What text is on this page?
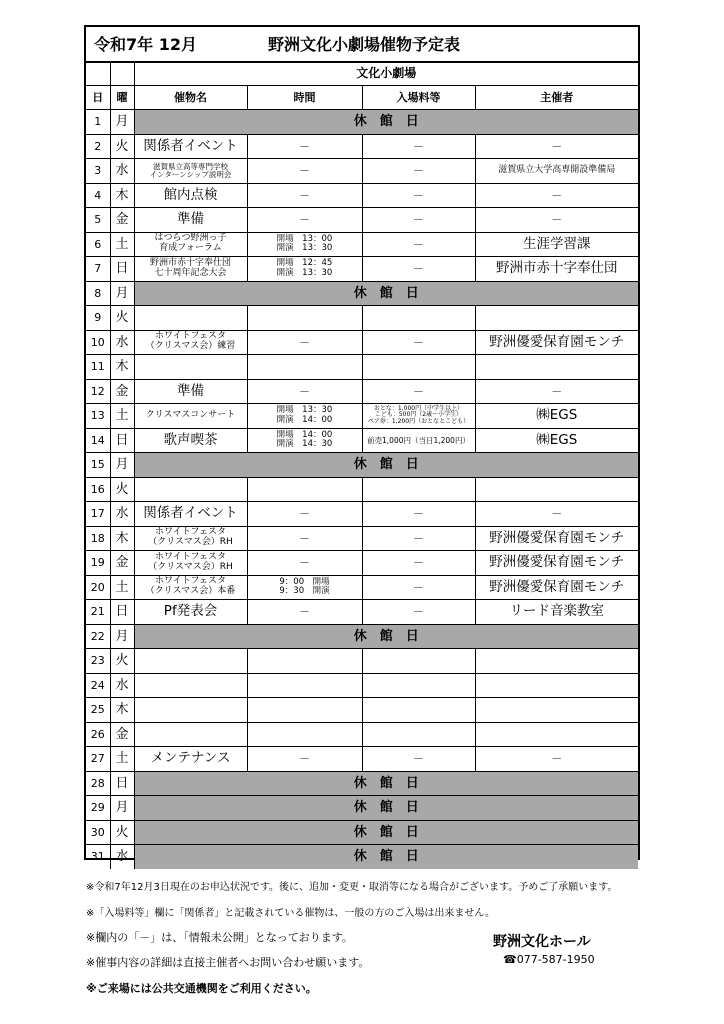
令和7年 12月	野洲文化小劇場催物予定表
		文化小劇場			
日	曜	催物名	時間	入場料等	主催者
1	月	休　館　日			
2	火	関係者イベント	－	－	－

3	水	滋賀県立高等専門学校
インターンシップ説明会	－	－	滋賀県立大学高専開設準備局

4	木	館内点検	－	－	－

5	金	準備	－	－	－

6	土	はつらつ野洲っ子
育成フォーラム	開場　13：00
開演　13：30	－	生涯学習課

7	日	野洲市赤十字奉仕団
七十周年記念大会	開場　12：45
開演　13：30	－	野洲市赤十字奉仕団

8	月	休　館　日			
9	火				
10	水	ホワイトフェスタ
（クリスマス会）練習	－	－	野洲優愛保育園モンチ

11	木				
12	金	準備	－	－	－

13	土	クリスマスコンサート	開場　13：30
開演　14：00	おとな：1,000円（中学生以上）
こども：500円（2歳～小学生）
ペア券：1,200円（おとなとこども）	㈱EGS

14	日	歌声喫茶	開場　14：00
開演　14：30	前売1,000円（当日1,200円）	㈱EGS

15	月	休　館　日			
16	火				
17	水	関係者イベント	－	－	－

18	木	ホワイトフェスタ
（クリスマス会）RH	－	－	野洲優愛保育園モンチ

19	金	ホワイトフェスタ
（クリスマス会）RH	－	－	野洲優愛保育園モンチ

20	土	ホワイトフェスタ
（クリスマス会）本番	9：00　開場
9：30　開演	－	野洲優愛保育園モンチ

21	日	Pf発表会	－	－	リード音楽教室

22	月	休　館　日			
23	火				
24	水				
25	木				
26	金				
27	土	メンテナンス	－	－	－

28	日	休　館　日			
29	月	休　館　日			
30	火	休　館　日			
31	水	休　館　日			
※令和7年12月3日現在のお申込状況です。後に、追加・変更・取消等になる場合がございます。予めご了承願います。
※「入場料等」欄に「関係者」と記載されている催物は、一般の方のご入場は出来ません。
※欄内の「－」は、「情報未公開」となっております。
※催事内容の詳細は直接主催者へお問い合わせ願います。
※ご来場には公共交通機関をご利用ください。
野洲文化ホール
☎077-587-1950
